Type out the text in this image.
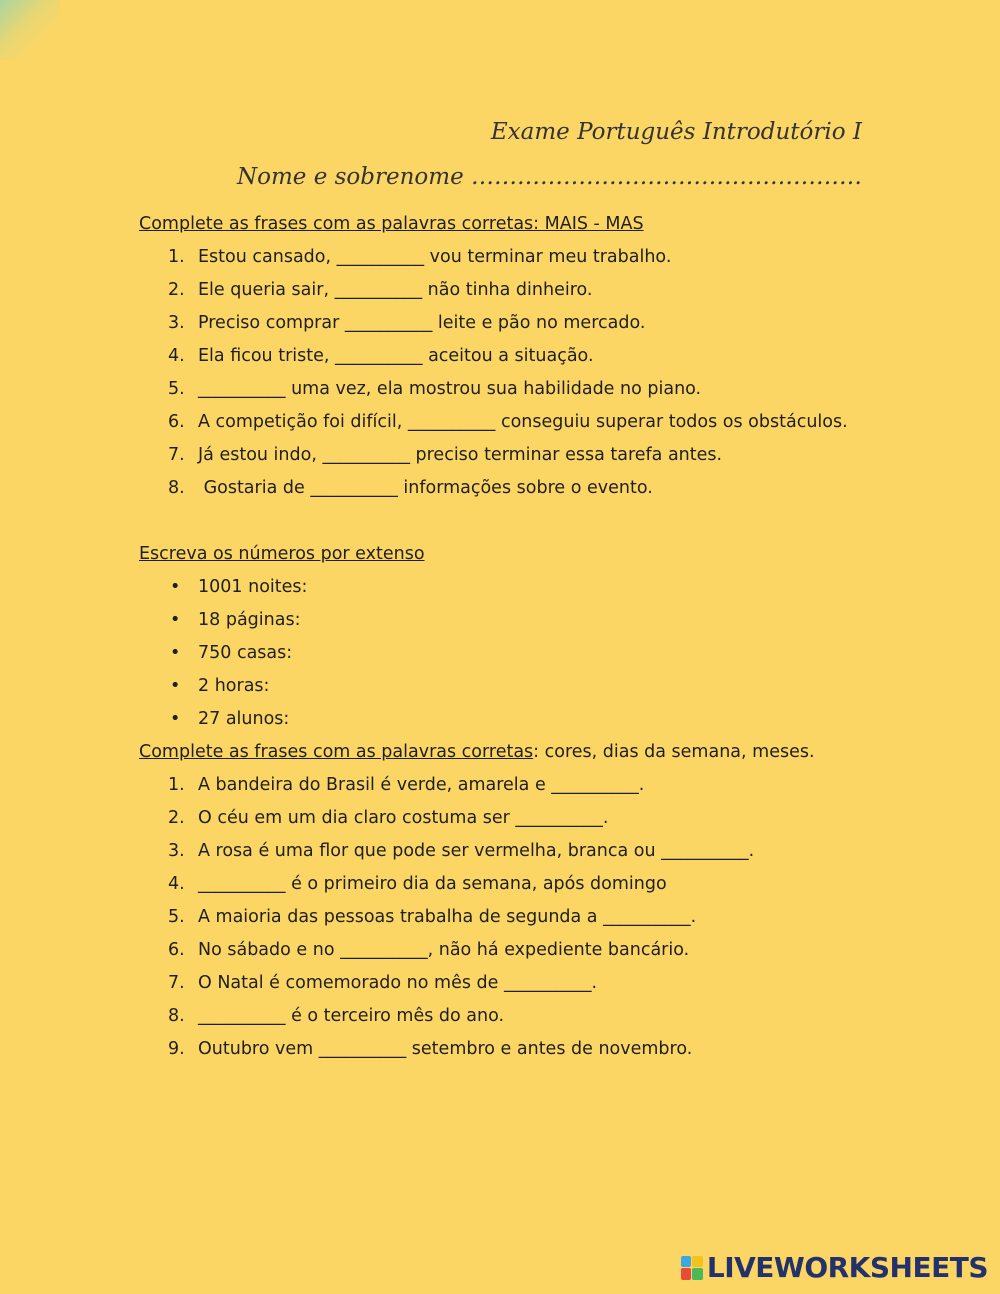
Exame Português Introdutório I
Nome e sobrenome ……………………………………………
Complete as frases com as palavras corretas: MAIS - MAS
1. Estou cansado, __________ vou terminar meu trabalho.
2. Ele queria sair, __________ não tinha dinheiro.
3. Preciso comprar __________ leite e pão no mercado.
4. Ela ficou triste, __________ aceitou a situação.
5. __________ uma vez, ela mostrou sua habilidade no piano.
6. A competição foi difícil, __________ conseguiu superar todos os obstáculos.
7. Já estou indo, __________ preciso terminar essa tarefa antes.
8. Gostaria de __________ informações sobre o evento.
Escreva os números por extenso
• 1001 noites:
• 18 páginas:
• 750 casas:
• 2 horas:
• 27 alunos:
Complete as frases com as palavras corretas: cores, dias da semana, meses.
1. A bandeira do Brasil é verde, amarela e __________.
2. O céu em um dia claro costuma ser __________.
3. A rosa é uma flor que pode ser vermelha, branca ou __________.
4. __________ é o primeiro dia da semana, após domingo
5. A maioria das pessoas trabalha de segunda a __________.
6. No sábado e no __________, não há expediente bancário.
7. O Natal é comemorado no mês de __________.
8. __________ é o terceiro mês do ano.
9. Outubro vem __________ setembro e antes de novembro.
LIVEWORKSHEETS
